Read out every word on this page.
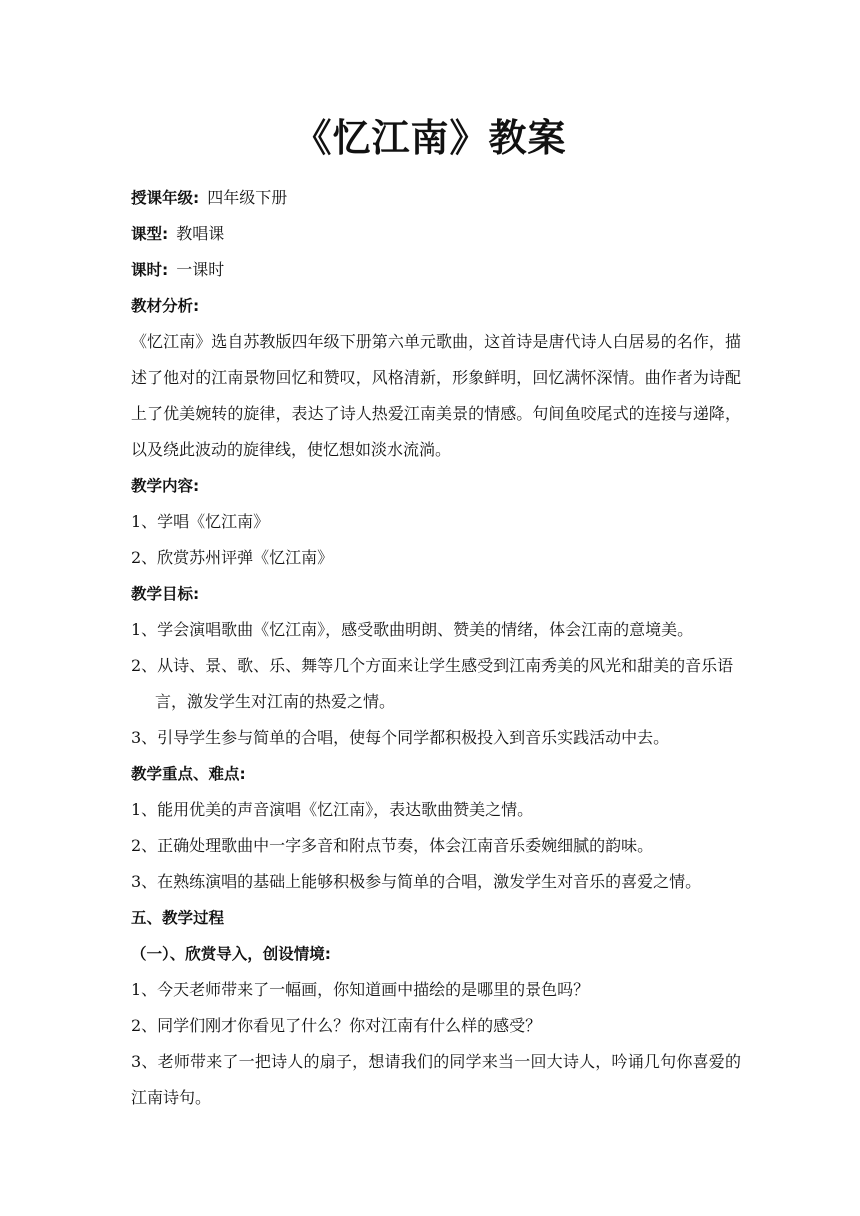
《忆江南》教案
授课年级: 四年级下册
课型: 教唱课
课时: 一课时
教材分析:
《忆江南》选自苏教版四年级下册第六单元歌曲，这首诗是唐代诗人白居易的名作，描述了他对的江南景物回忆和赞叹，风格清新，形象鲜明，回忆满怀深情。曲作者为诗配上了优美婉转的旋律，表达了诗人热爱江南美景的情感。句间鱼咬尾式的连接与递降，以及绕此波动的旋律线，使忆想如淡水流淌。
教学内容:
1、学唱《忆江南》
2、欣赏苏州评弹《忆江南》
教学目标:
1、学会演唱歌曲《忆江南》，感受歌曲明朗、赞美的情绪，体会江南的意境美。
2、从诗、景、歌、乐、舞等几个方面来让学生感受到江南秀美的风光和甜美的音乐语言，激发学生对江南的热爱之情。
3、引导学生参与简单的合唱，使每个同学都积极投入到音乐实践活动中去。
教学重点、难点:
1、能用优美的声音演唱《忆江南》，表达歌曲赞美之情。
2、正确处理歌曲中一字多音和附点节奏，体会江南音乐委婉细腻的韵味。
3、在熟练演唱的基础上能够积极参与简单的合唱，激发学生对音乐的喜爱之情。
五、教学过程
（一）、欣赏导入，创设情境:
1、今天老师带来了一幅画，你知道画中描绘的是哪里的景色吗？
2、同学们刚才你看见了什么？你对江南有什么样的感受？
3、老师带来了一把诗人的扇子，想请我们的同学来当一回大诗人，吟诵几句你喜爱的江南诗句。
